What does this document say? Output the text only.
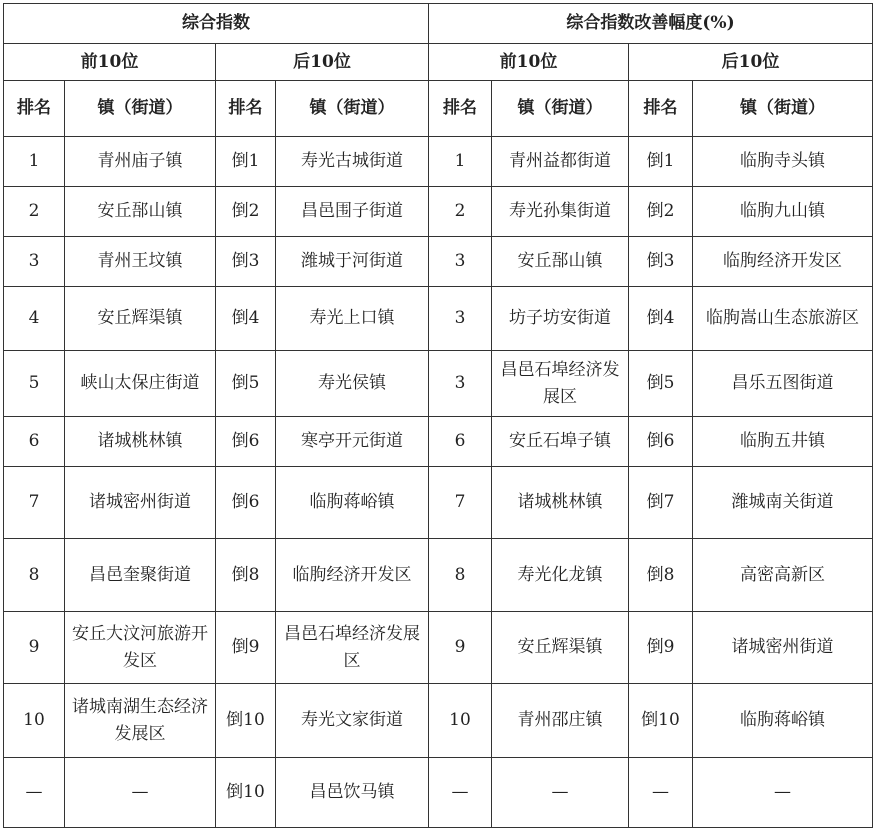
综合指数				综合指数改善幅度(%)			
前10位		后10位		前10位		后10位	
排名	镇（街道）	排名	镇（街道）	排名	镇（街道）	排名	镇（街道）
1	青州庙子镇	倒1	寿光古城街道	1	青州益都街道	倒1	临朐寺头镇
2	安丘郚山镇	倒2	昌邑围子街道	2	寿光孙集街道	倒2	临朐九山镇
3	青州王坟镇	倒3	潍城于河街道	3	安丘郚山镇	倒3	临朐经济开发区
4	安丘辉渠镇	倒4	寿光上口镇	3	坊子坊安街道	倒4	临朐嵩山生态旅游区
5	峡山太保庄街道	倒5	寿光侯镇	3	昌邑石埠经济发展区	倒5	昌乐五图街道
6	诸城桃林镇	倒6	寒亭开元街道	6	安丘石埠子镇	倒6	临朐五井镇
7	诸城密州街道	倒6	临朐蒋峪镇	7	诸城桃林镇	倒7	潍城南关街道
8	昌邑奎聚街道	倒8	临朐经济开发区	8	寿光化龙镇	倒8	高密高新区
9	安丘大汶河旅游开发区	倒9	昌邑石埠经济发展区	9	安丘辉渠镇	倒9	诸城密州街道
10	诸城南湖生态经济发展区	倒10	寿光文家街道	10	青州邵庄镇	倒10	临朐蒋峪镇
—	—	倒10	昌邑饮马镇	—	—	—	—
